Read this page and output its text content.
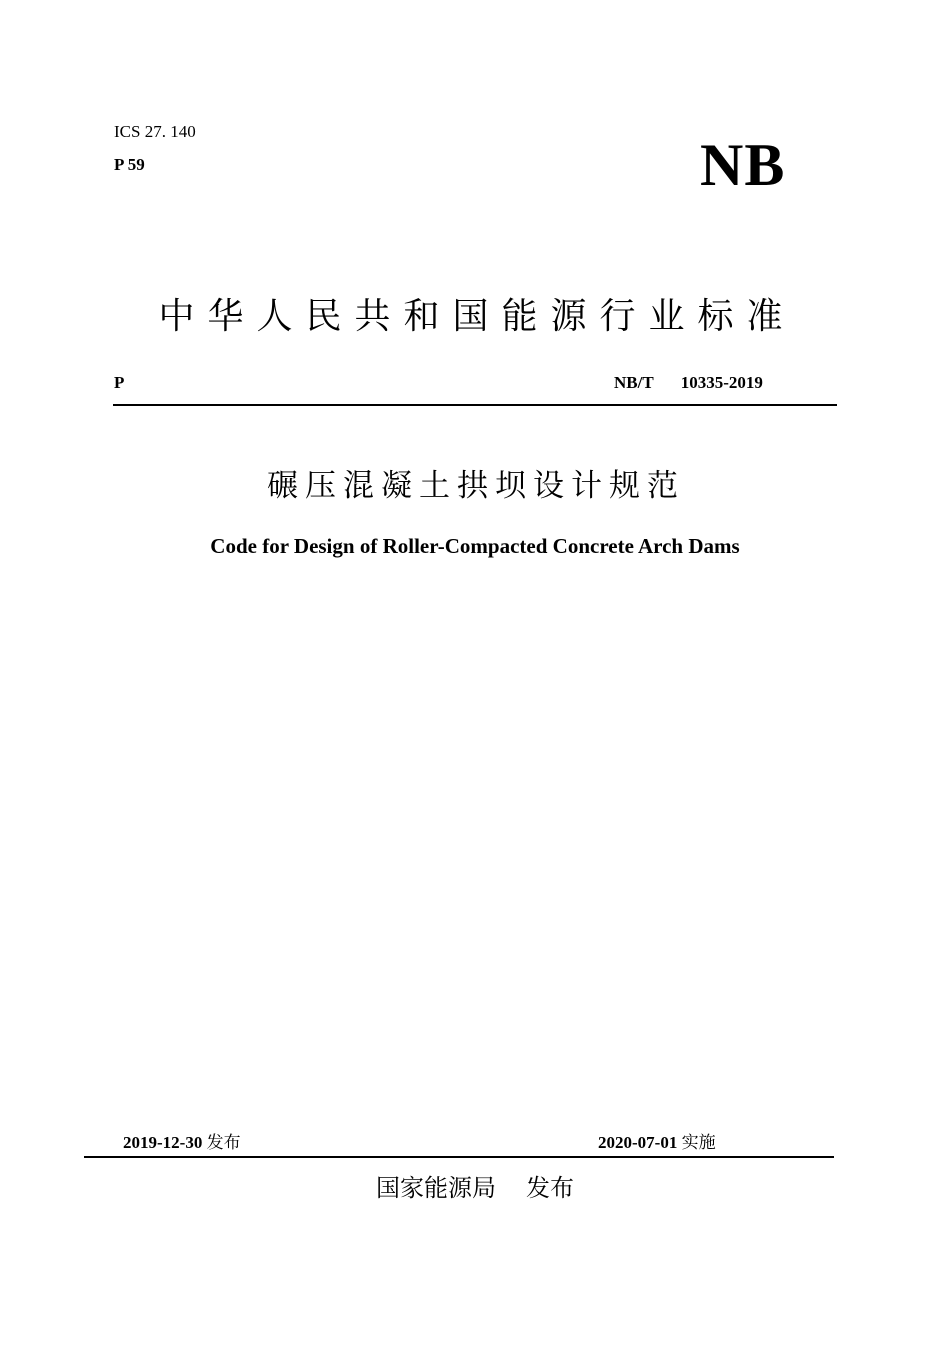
ICS 27. 140
P 59	NB
中华人民共和国能源行业标准
P	NB/T 10335-2019
碾压混凝土拱坝设计规范
Code for Design of Roller-Compacted Concrete Arch Dams
2019-12-30 发布	2020-07-01 实施
国家能源局 发布
